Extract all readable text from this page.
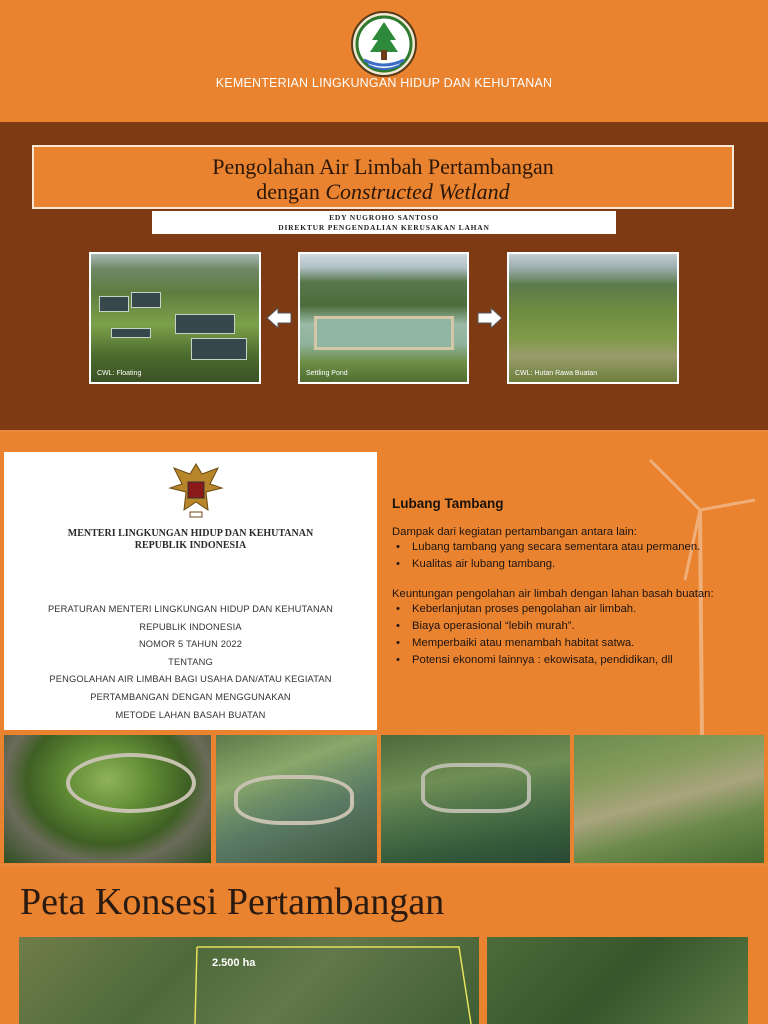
KEMENTERIAN LINGKUNGAN HIDUP DAN KEHUTANAN
Pengolahan Air Limbah Pertambangan
dengan Constructed Wetland
EDY NUGROHO SANTOSO
DIREKTUR PENGENDALIAN KERUSAKAN LAHAN
CWL: Floating	Settling Pond	CWL: Hutan Rawa Buatan
MENTERI LINGKUNGAN HIDUP DAN KEHUTANAN
REPUBLIK INDONESIA
PERATURAN MENTERI LINGKUNGAN HIDUP DAN KEHUTANAN
REPUBLIK INDONESIA
NOMOR 5 TAHUN 2022
TENTANG
PENGOLAHAN AIR LIMBAH BAGI USAHA DAN/ATAU KEGIATAN
PERTAMBANGAN DENGAN MENGGUNAKAN
METODE LAHAN BASAH BUATAN
Lubang Tambang
Dampak dari kegiatan pertambangan antara lain:
• Lubang tambang yang secara sementara atau permanen.
• Kualitas air lubang tambang.
Keuntungan pengolahan air limbah dengan lahan basah buatan:
• Keberlanjutan proses pengolahan air limbah.
• Biaya operasional “lebih murah”.
• Memperbaiki atau menambah habitat satwa.
• Potensi ekonomi lainnya : ekowisata, pendidikan, dll
Peta Konsesi Pertambangan
2.500 ha
